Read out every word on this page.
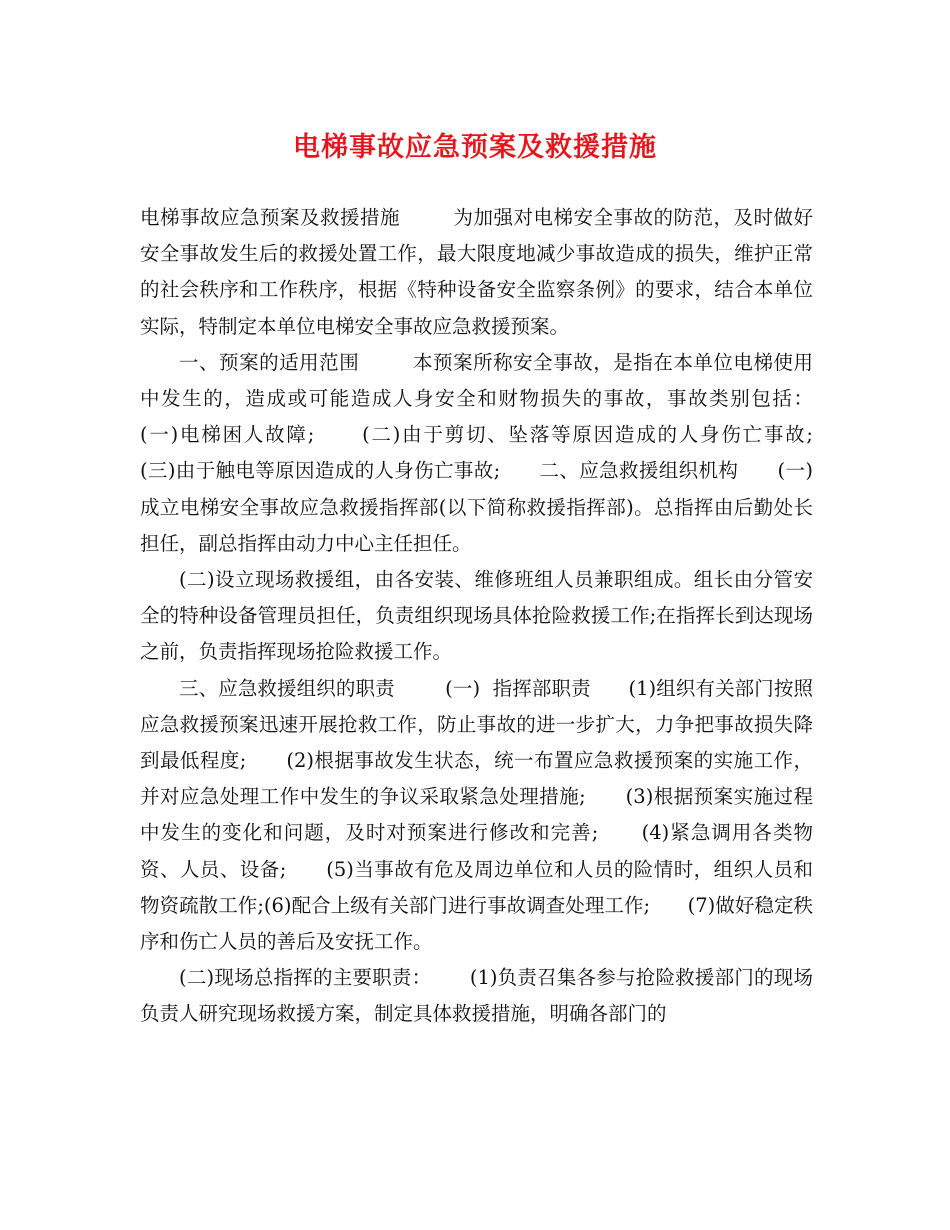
电梯事故应急预案及救援措施

电梯事故应急预案及救援措施        为加强对电梯安全事故的防范，及时做好安全事故发生后的救援处置工作，最大限度地减少事故造成的损失，维护正常的社会秩序和工作秩序，根据《特种设备安全监察条例》的要求，结合本单位实际，特制定本单位电梯安全事故应急救援预案。

一、预案的适用范围        本预案所称安全事故，是指在本单位电梯使用中发生的，造成或可能造成人身安全和财物损失的事故，事故类别包括：      (一)电梯困人故障;      (二)由于剪切、坠落等原因造成的人身伤亡事故;      (三)由于触电等原因造成的人身伤亡事故;      二、应急救援组织机构      (一)成立电梯安全事故应急救援指挥部(以下简称救援指挥部)。总指挥由后勤处长担任，副总指挥由动力中心主任担任。

(二)设立现场救援组，由各安装、维修班组人员兼职组成。组长由分管安全的特种设备管理员担任，负责组织现场具体抢险救援工作;在指挥长到达现场之前，负责指挥现场抢险救援工作。

三、应急救援组织的职责        (一)  指挥部职责      (1)组织有关部门按照应急救援预案迅速开展抢救工作，防止事故的进一步扩大，力争把事故损失降到最低程度;      (2)根据事故发生状态，统一布置应急救援预案的实施工作，并对应急处理工作中发生的争议采取紧急处理措施;      (3)根据预案实施过程中发生的变化和问题，及时对预案进行修改和完善;      (4)紧急调用各类物资、人员、设备;      (5)当事故有危及周边单位和人员的险情时，组织人员和物资疏散工作;(6)配合上级有关部门进行事故调查处理工作;      (7)做好稳定秩序和伤亡人员的善后及安抚工作。

(二)现场总指挥的主要职责：      (1)负责召集各参与抢险救援部门的现场负责人研究现场救援方案，制定具体救援措施，明确各部门的
